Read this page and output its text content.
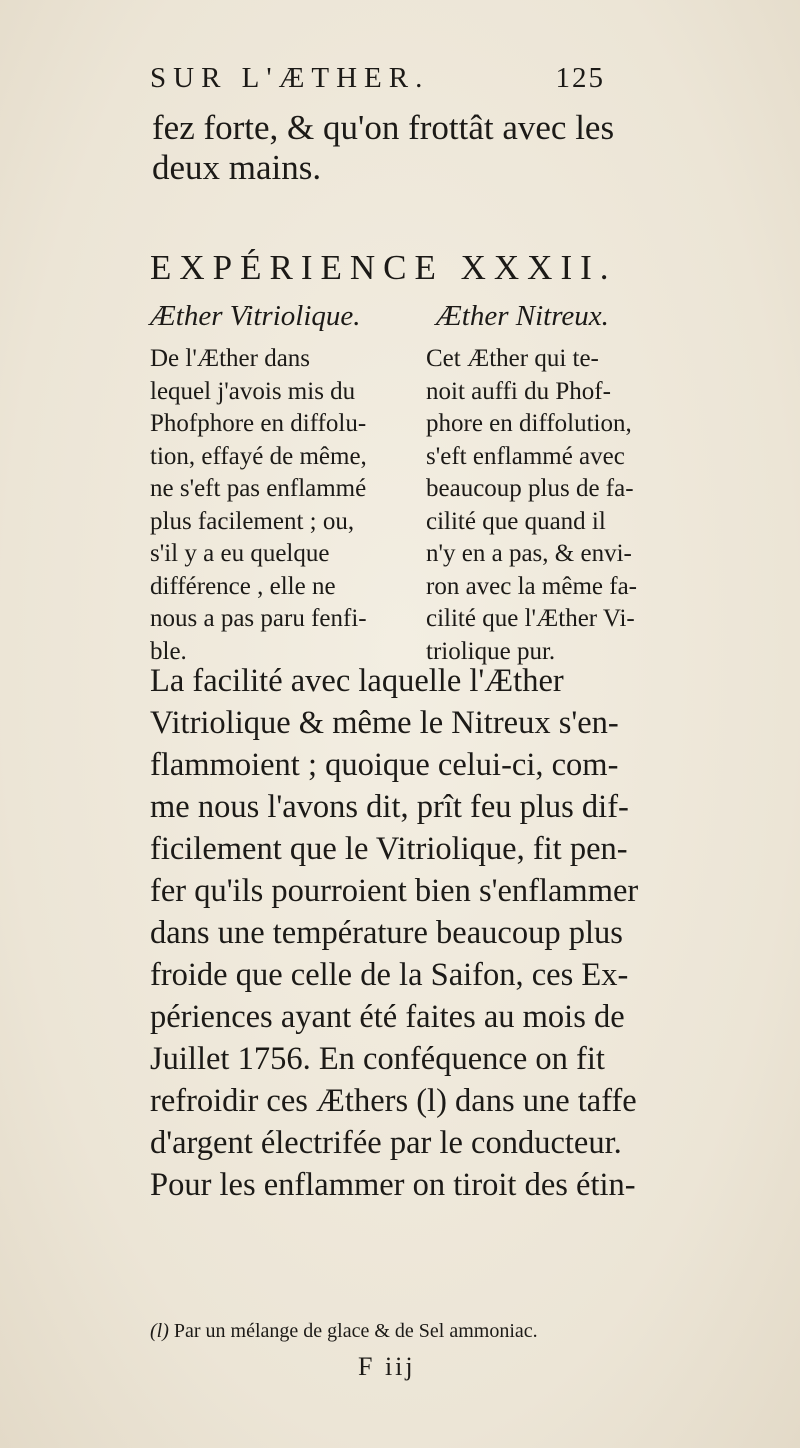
SUR L'ÆTHER.	125
fez forte, & qu'on frottât avec les
deux mains.
EXPÉRIENCE XXXII.
Æther Vitriolique.	Æther Nitreux.
De l'Æther dans
lequel j'avois mis du
Phofphore en diffolu-
tion, effayé de même,
ne s'eft pas enflammé
plus facilement ; ou,
s'il y a eu quelque
différence , elle ne
nous a pas paru fenfi-
ble.
Cet Æther qui te-
noit auffi du Phof-
phore en diffolution,
s'eft enflammé avec
beaucoup plus de fa-
cilité que quand il
n'y en a pas, & envi-
ron avec la même fa-
cilité que l'Æther Vi-
triolique pur.
La facilité avec laquelle l'Æther
Vitriolique & même le Nitreux s'en-
flammoient ; quoique celui-ci, com-
me nous l'avons dit, prît feu plus dif-
ficilement que le Vitriolique, fit pen-
fer qu'ils pourroient bien s'enflammer
dans une température beaucoup plus
froide que celle de la Saifon, ces Ex-
périences ayant été faites au mois de
Juillet 1756. En conféquence on fit
refroidir ces Æthers (l) dans une taffe
d'argent électrifée par le conducteur.
Pour les enflammer on tiroit des étin-
(l) Par un mélange de glace & de Sel ammoniac.
F iij
